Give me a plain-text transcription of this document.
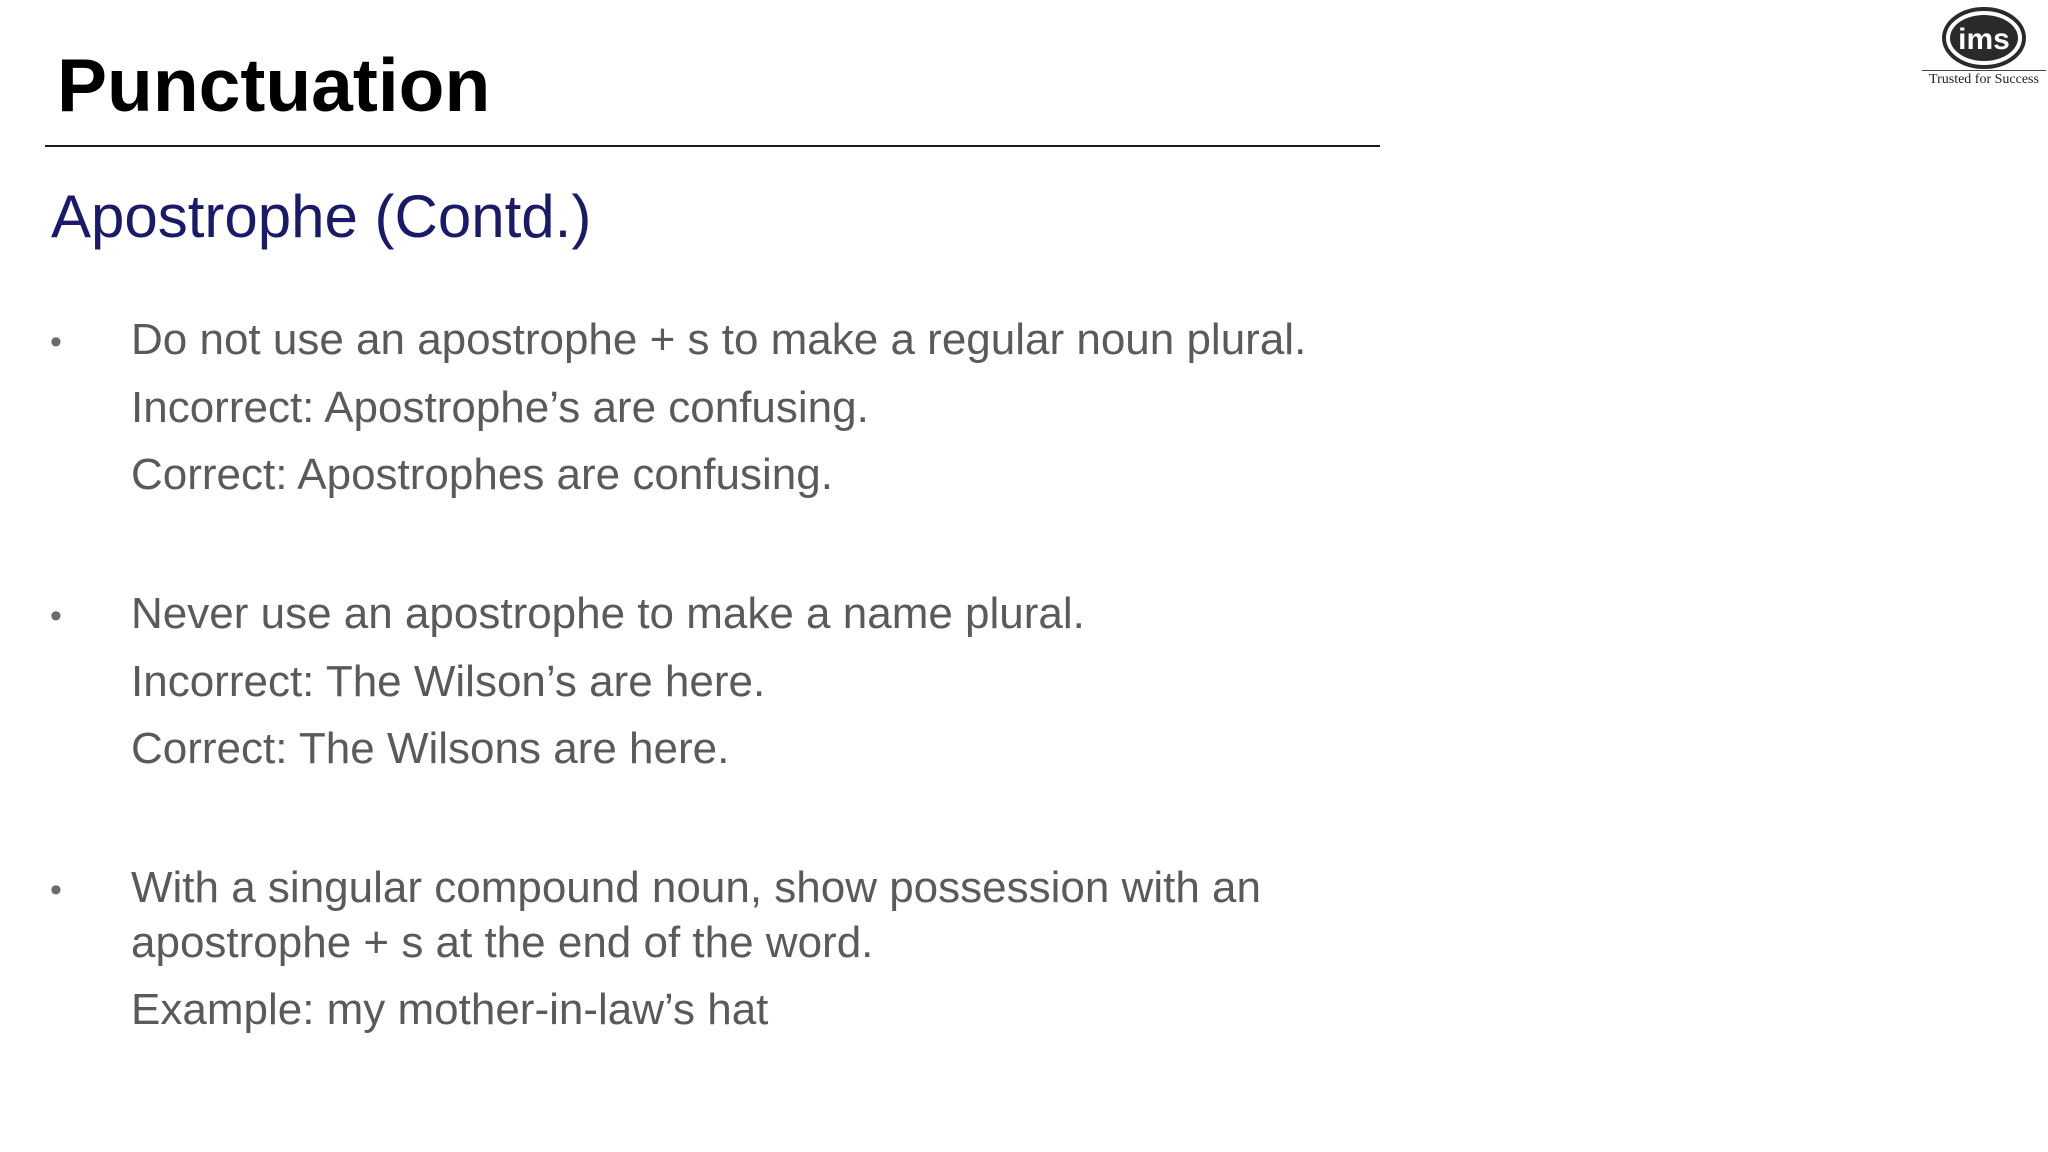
Punctuation
Apostrophe (Contd.)
ims
Trusted for Success
• Do not use an apostrophe + s to make a regular noun plural.
Incorrect: Apostrophe’s are confusing.
Correct: Apostrophes are confusing.
• Never use an apostrophe to make a name plural.
Incorrect: The Wilson’s are here.
Correct: The Wilsons are here.
• With a singular compound noun, show possession with an
apostrophe + s at the end of the word.
Example: my mother-in-law’s hat
